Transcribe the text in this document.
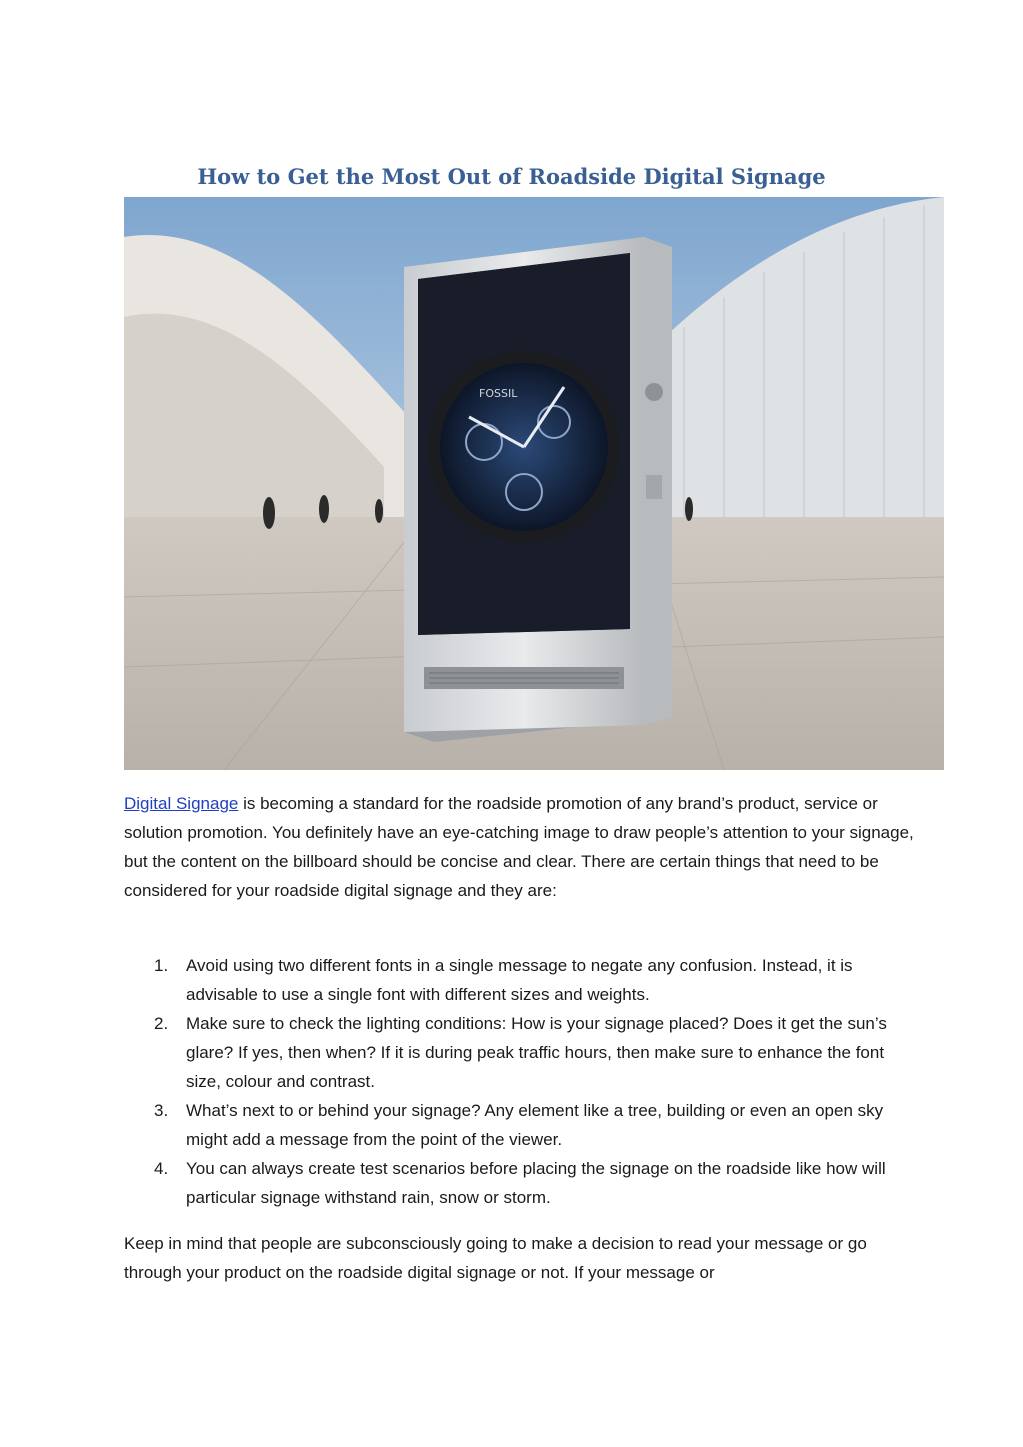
How to Get the Most Out of Roadside Digital Signage
FOSSIL

Digital Signage is becoming a standard for the roadside promotion of any brand’s product, service or solution promotion. You definitely have an eye-catching image to draw people’s attention to your signage, but the content on the billboard should be concise and clear. There are certain things that need to be considered for your roadside digital signage and they are:

1. Avoid using two different fonts in a single message to negate any confusion. Instead, it is advisable to use a single font with different sizes and weights.
2. Make sure to check the lighting conditions: How is your signage placed? Does it get the sun’s glare? If yes, then when? If it is during peak traffic hours, then make sure to enhance the font size, colour and contrast.
3. What’s next to or behind your signage? Any element like a tree, building or even an open sky might add a message from the point of the viewer.
4. You can always create test scenarios before placing the signage on the roadside like how will particular signage withstand rain, snow or storm.

Keep in mind that people are subconsciously going to make a decision to read your message or go through your product on the roadside digital signage or not. If your message or
